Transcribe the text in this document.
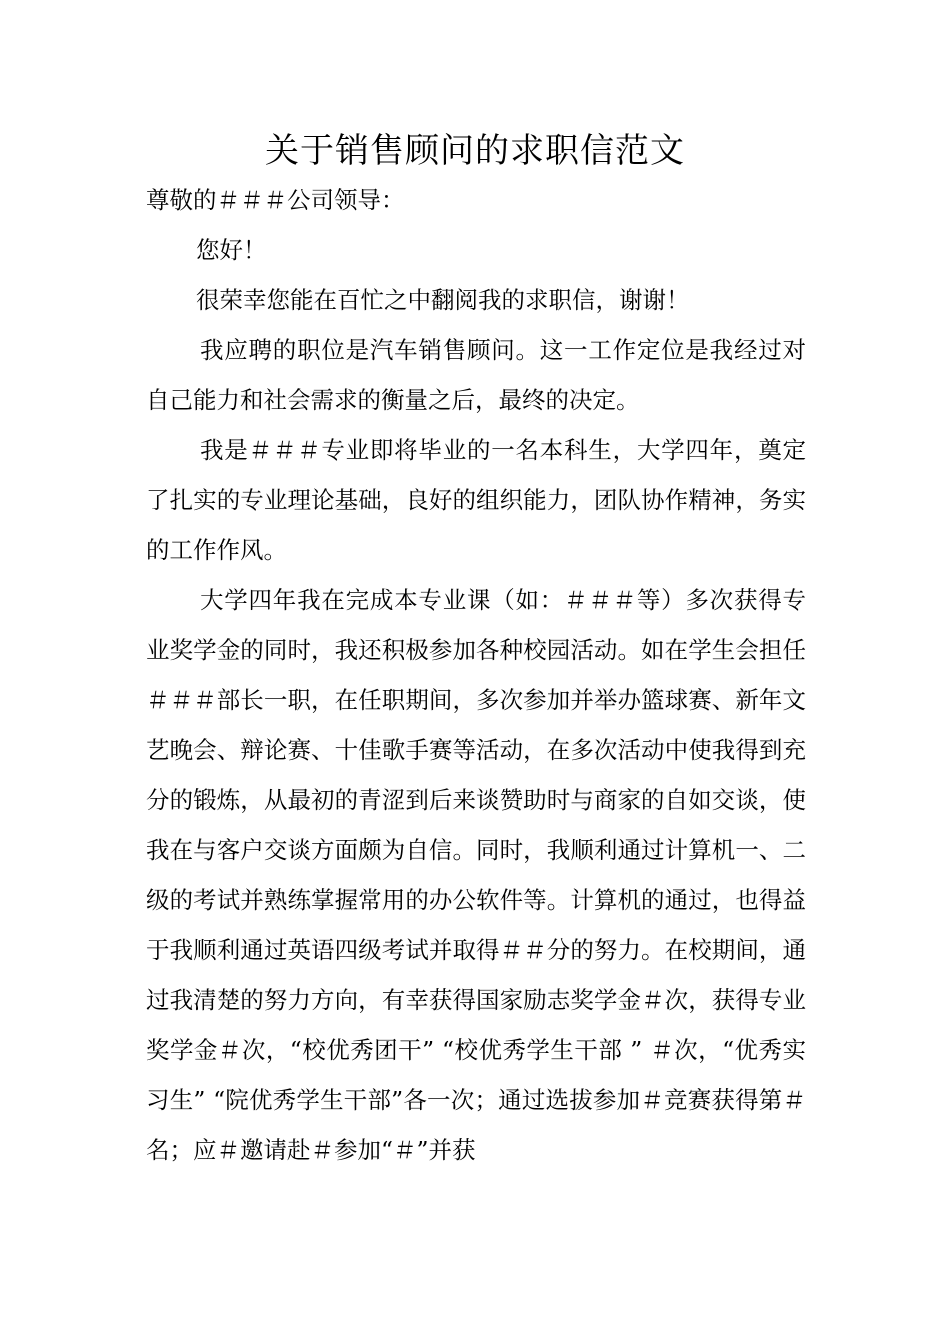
关于销售顾问的求职信范文

尊敬的＃＃＃公司领导：

您好！

很荣幸您能在百忙之中翻阅我的求职信，谢谢！

我应聘的职位是汽车销售顾问。这一工作定位是我经过对自己能力和社会需求的衡量之后，最终的决定。

我是＃＃＃专业即将毕业的一名本科生，大学四年，奠定了扎实的专业理论基础，良好的组织能力，团队协作精神，务实的工作作风。

大学四年我在完成本专业课（如：＃＃＃等）多次获得专业奖学金的同时，我还积极参加各种校园活动。如在学生会担任＃＃＃部长一职，在任职期间，多次参加并举办篮球赛、新年文艺晚会、辩论赛、十佳歌手赛等活动，在多次活动中使我得到充分的锻炼，从最初的青涩到后来谈赞助时与商家的自如交谈，使我在与客户交谈方面颇为自信。同时，我顺利通过计算机一、二级的考试并熟练掌握常用的办公软件等。计算机的通过，也得益于我顺利通过英语四级考试并取得＃＃分的努力。在校期间，通过我清楚的努力方向，有幸获得国家励志奖学金＃次，获得专业奖学金＃次，“校优秀团干” “校优秀学生干部 ” ＃次，“优秀实习生” “院优秀学生干部”各一次；通过选拔参加＃竞赛获得第＃名；应＃邀请赴＃参加“＃”并获
